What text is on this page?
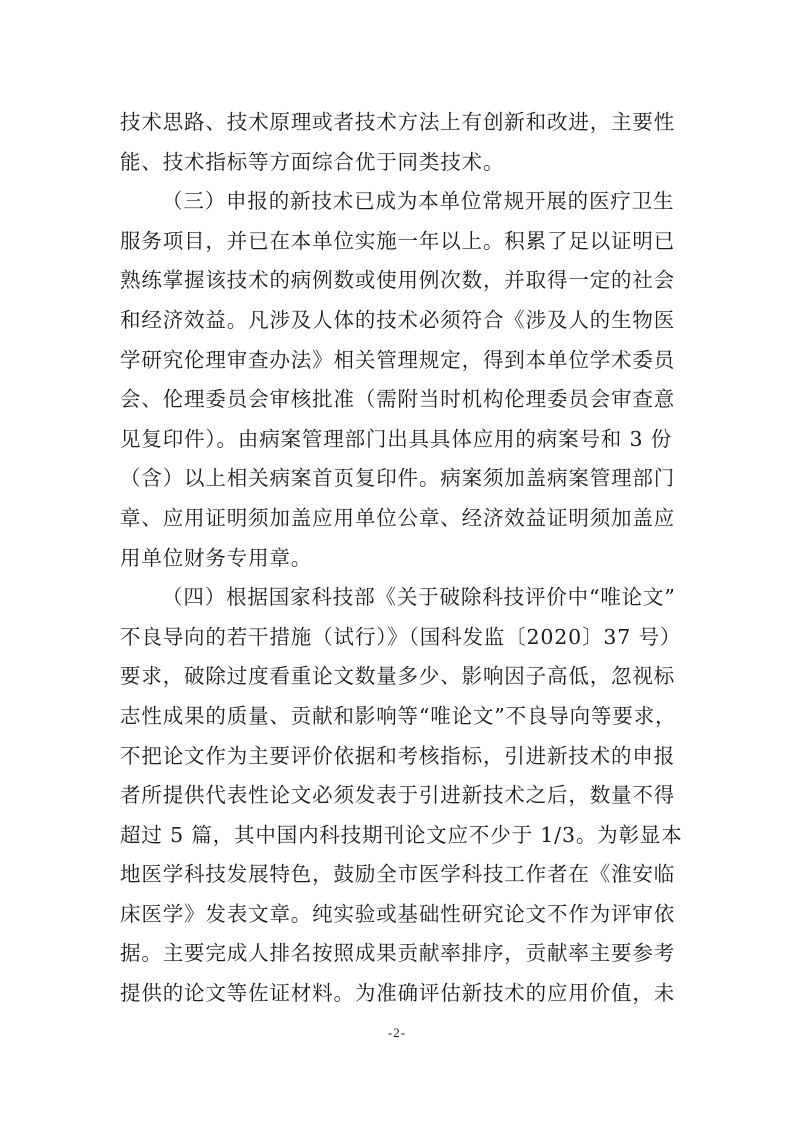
技术思路、技术原理或者技术方法上有创新和改进，主要性
能、技术指标等方面综合优于同类技术。
（三）申报的新技术已成为本单位常规开展的医疗卫生
服务项目，并已在本单位实施一年以上。积累了足以证明已
熟练掌握该技术的病例数或使用例次数，并取得一定的社会
和经济效益。凡涉及人体的技术必须符合《涉及人的生物医
学研究伦理审查办法》相关管理规定，得到本单位学术委员
会、伦理委员会审核批准（需附当时机构伦理委员会审查意
见复印件）。由病案管理部门出具具体应用的病案号和 3 份
（含）以上相关病案首页复印件。病案须加盖病案管理部门
章、应用证明须加盖应用单位公章、经济效益证明须加盖应
用单位财务专用章。
（四）根据国家科技部《关于破除科技评价中“唯论文”
不良导向的若干措施（试行）》（国科发监〔2020〕37 号）
要求，破除过度看重论文数量多少、影响因子高低，忽视标
志性成果的质量、贡献和影响等“唯论文”不良导向等要求，
不把论文作为主要评价依据和考核指标，引进新技术的申报
者所提供代表性论文必须发表于引进新技术之后，数量不得
超过 5 篇，其中国内科技期刊论文应不少于 1/3。为彰显本
地医学科技发展特色，鼓励全市医学科技工作者在《淮安临
床医学》发表文章。纯实验或基础性研究论文不作为评审依
据。主要完成人排名按照成果贡献率排序，贡献率主要参考
提供的论文等佐证材料。为准确评估新技术的应用价值，未
-2-
